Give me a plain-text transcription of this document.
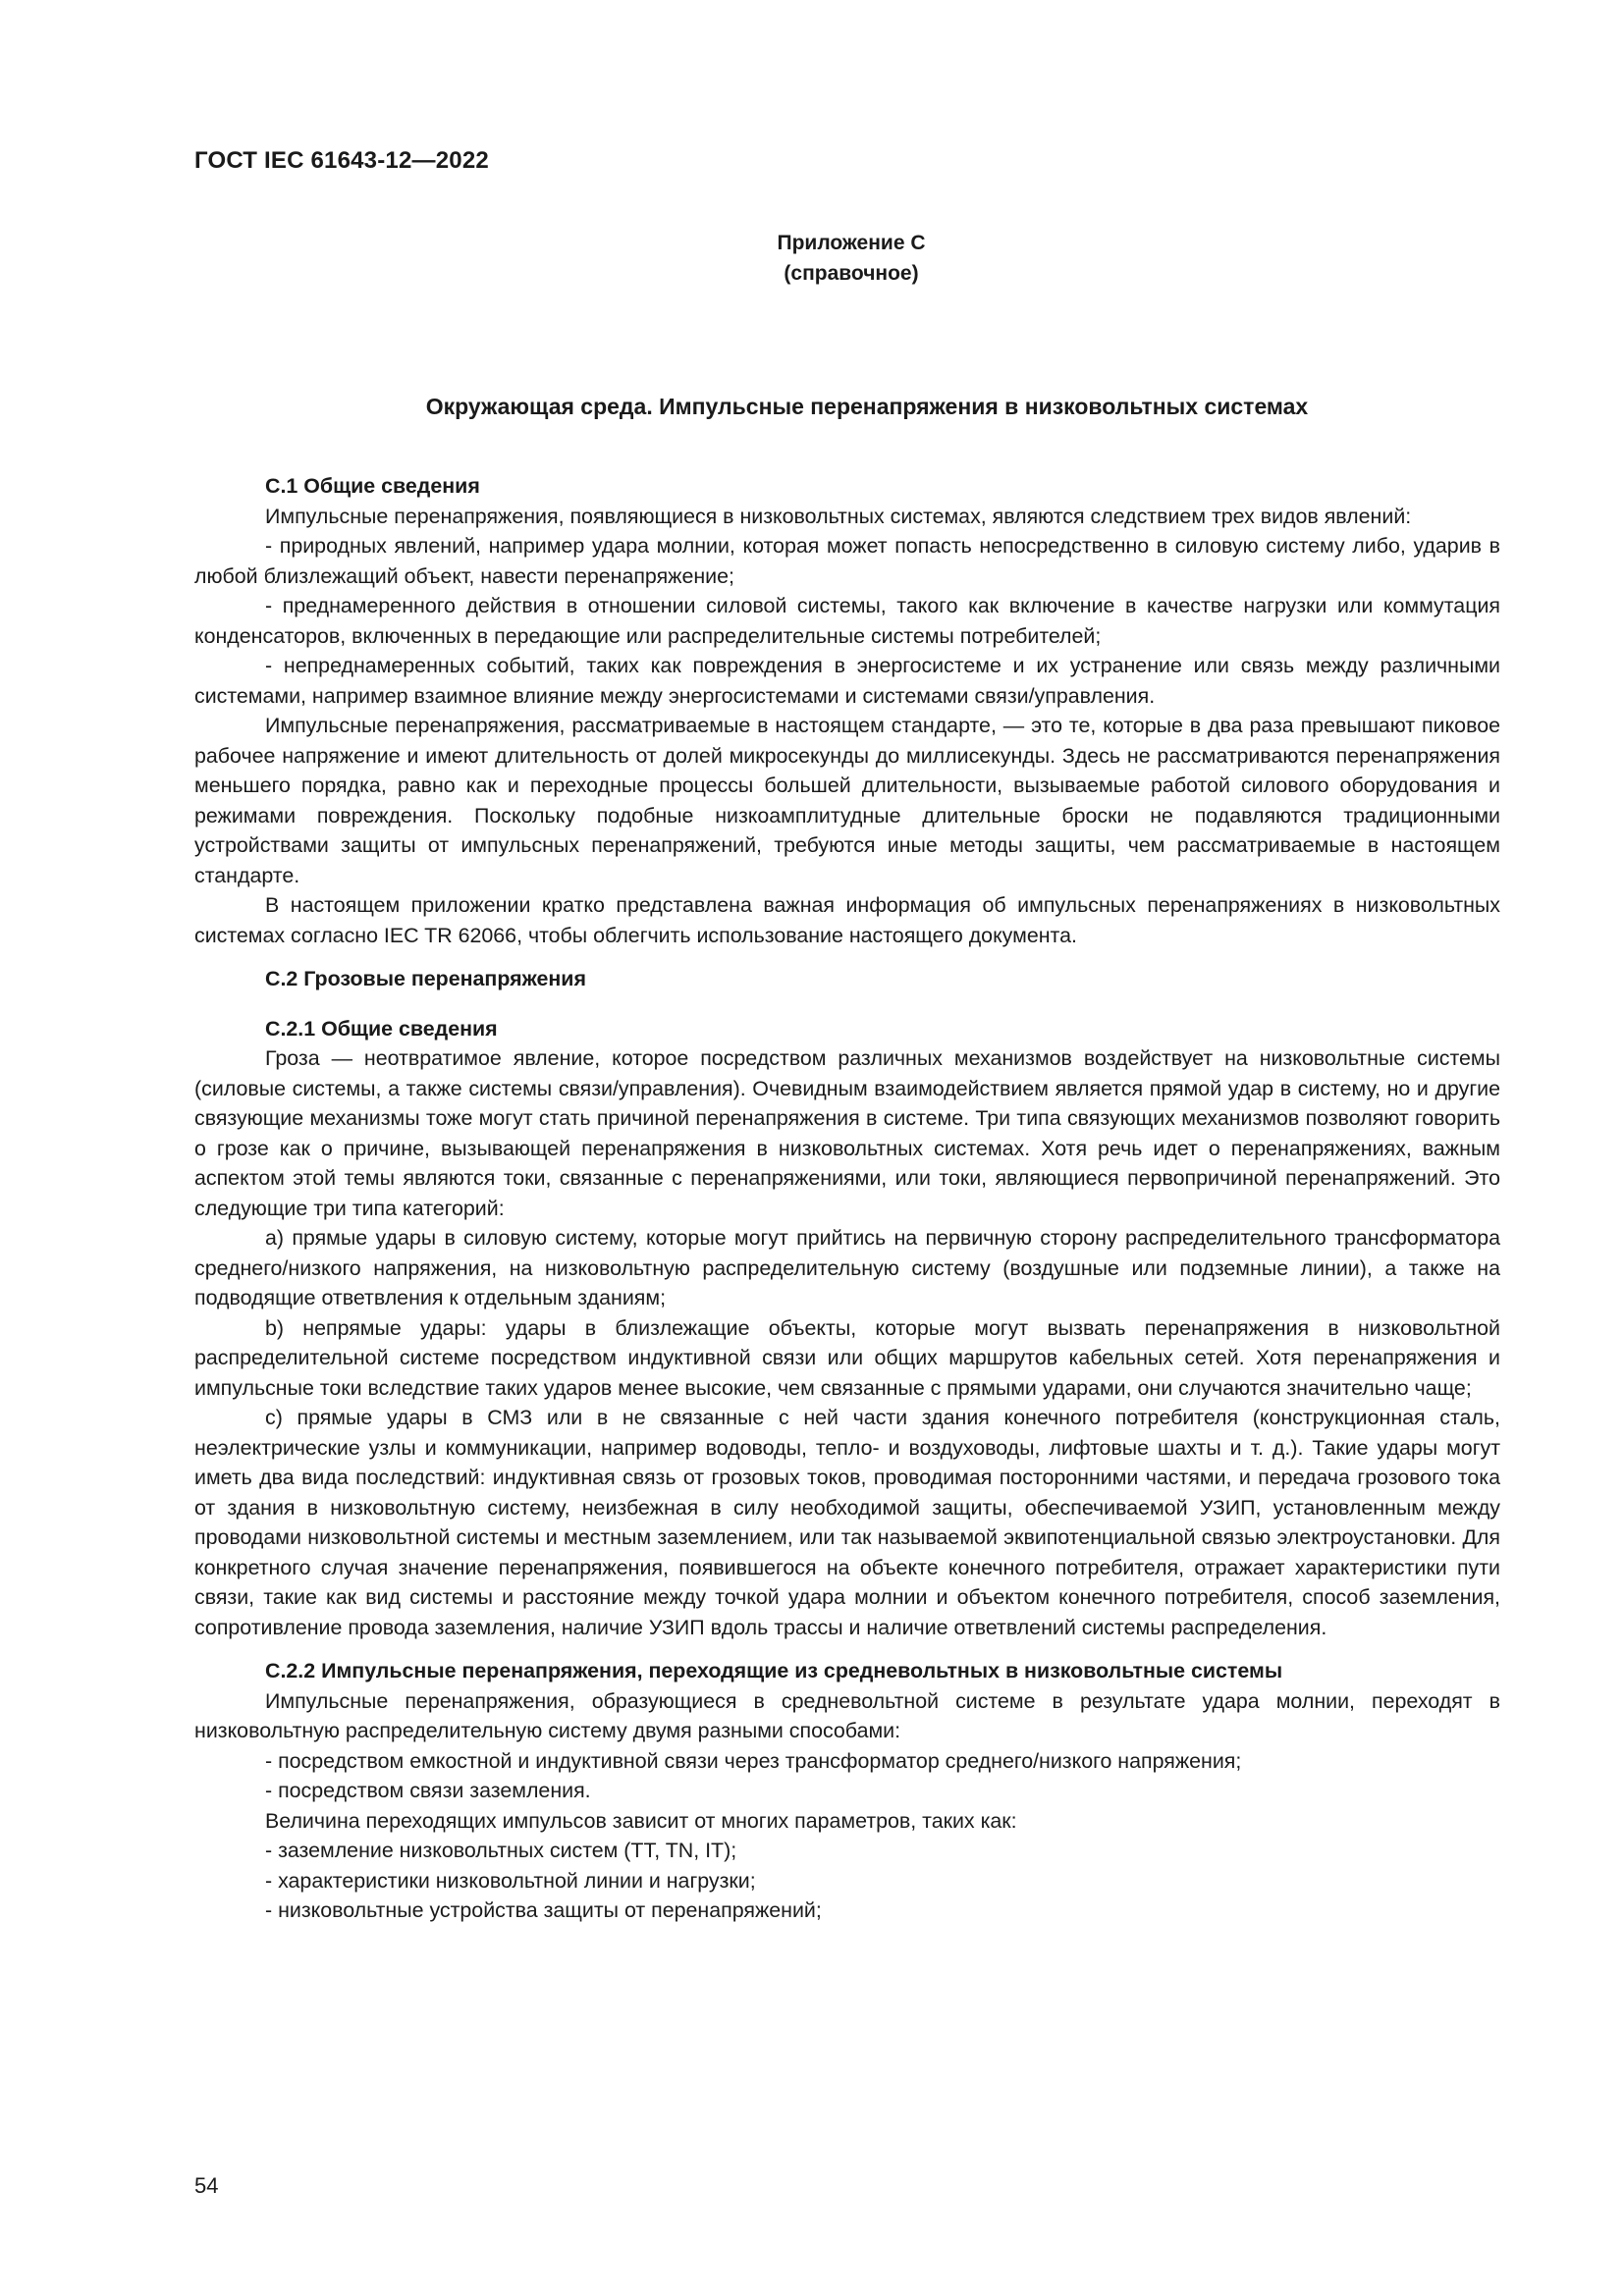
ГОСТ IEC 61643-12—2022
Приложение С
(справочное)
Окружающая среда. Импульсные перенапряжения в низковольтных системах
С.1 Общие сведения

Импульсные перенапряжения, появляющиеся в низковольтных системах, являются следствием трех видов явлений:

- природных явлений, например удара молнии, которая может попасть непосредственно в силовую систему либо, ударив в любой близлежащий объект, навести перенапряжение;

- преднамеренного действия в отношении силовой системы, такого как включение в качестве нагрузки или коммутация конденсаторов, включенных в передающие или распределительные системы потребителей;

- непреднамеренных событий, таких как повреждения в энергосистеме и их устранение или связь между различными системами, например взаимное влияние между энергосистемами и системами связи/управления.

Импульсные перенапряжения, рассматриваемые в настоящем стандарте, — это те, которые в два раза превышают пиковое рабочее напряжение и имеют длительность от долей микросекунды до миллисекунды. Здесь не рассматриваются перенапряжения меньшего порядка, равно как и переходные процессы большей длительности, вызываемые работой силового оборудования и режимами повреждения. Поскольку подобные низкоамплитудные длительные броски не подавляются традиционными устройствами защиты от импульсных перенапряжений, требуются иные методы защиты, чем рассматриваемые в настоящем стандарте.

В настоящем приложении кратко представлена важная информация об импульсных перенапряжениях в низковольтных системах согласно IEC TR 62066, чтобы облегчить использование настоящего документа.

С.2 Грозовые перенапряжения
С.2.1 Общие сведения

Гроза — неотвратимое явление, которое посредством различных механизмов воздействует на низковольтные системы (силовые системы, а также системы связи/управления). Очевидным взаимодействием является прямой удар в систему, но и другие связующие механизмы тоже могут стать причиной перенапряжения в системе. Три типа связующих механизмов позволяют говорить о грозе как о причине, вызывающей перенапряжения в низковольтных системах. Хотя речь идет о перенапряжениях, важным аспектом этой темы являются токи, связанные с перенапряжениями, или токи, являющиеся первопричиной перенапряжений. Это следующие три типа категорий:

a) прямые удары в силовую систему, которые могут прийтись на первичную сторону распределительного трансформатора среднего/низкого напряжения, на низковольтную распределительную систему (воздушные или подземные линии), а также на подводящие ответвления к отдельным зданиям;

b) непрямые удары: удары в близлежащие объекты, которые могут вызвать перенапряжения в низковольтной распределительной системе посредством индуктивной связи или общих маршрутов кабельных сетей. Хотя перенапряжения и импульсные токи вследствие таких ударов менее высокие, чем связанные с прямыми ударами, они случаются значительно чаще;

c) прямые удары в СМЗ или в не связанные с ней части здания конечного потребителя (конструкционная сталь, неэлектрические узлы и коммуникации, например водоводы, тепло- и воздуховоды, лифтовые шахты и т. д.). Такие удары могут иметь два вида последствий: индуктивная связь от грозовых токов, проводимая посторонними частями, и передача грозового тока от здания в низковольтную систему, неизбежная в силу необходимой защиты, обеспечиваемой УЗИП, установленным между проводами низковольтной системы и местным заземлением, или так называемой эквипотенциальной связью электроустановки. Для конкретного случая значение перенапряжения, появившегося на объекте конечного потребителя, отражает характеристики пути связи, такие как вид системы и расстояние между точкой удара молнии и объектом конечного потребителя, способ заземления, сопротивление провода заземления, наличие УЗИП вдоль трассы и наличие ответвлений системы распределения.

С.2.2 Импульсные перенапряжения, переходящие из средневольтных в низковольтные системы

Импульсные перенапряжения, образующиеся в средневольтной системе в результате удара молнии, переходят в низковольтную распределительную систему двумя разными способами:

- посредством емкостной и индуктивной связи через трансформатор среднего/низкого напряжения;

- посредством связи заземления.

Величина переходящих импульсов зависит от многих параметров, таких как:

- заземление низковольтных систем (TT, TN, IT);

- характеристики низковольтной линии и нагрузки;

- низковольтные устройства защиты от перенапряжений;

54
